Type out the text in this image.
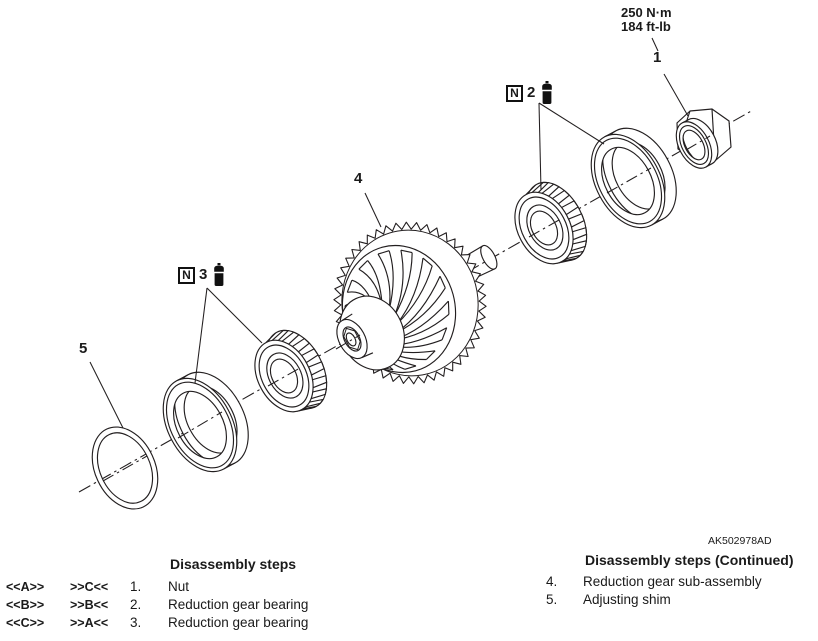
250 N·m
184 ft-lb
1
N 2
N 3
4
5
AK502978AD
Disassembly steps
<<A>> >>C<< 1. Nut
<<B>> >>B<< 2. Reduction gear bearing
<<C>> >>A<< 3. Reduction gear bearing
Disassembly steps (Continued)
4. Reduction gear sub-assembly
5. Adjusting shim
